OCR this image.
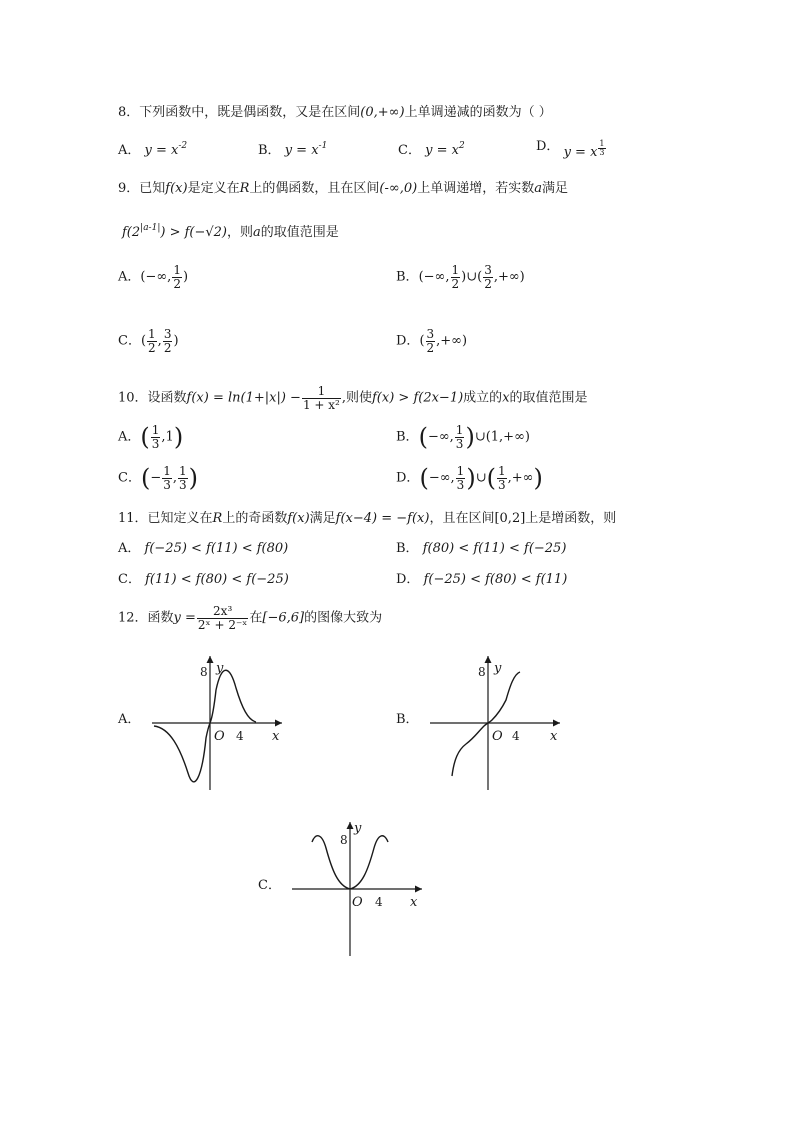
8．下列函数中，既是偶函数，又是在区间(0,+∞)上单调递减的函数为（ ）
A． $y = x^{-2}$	B． $y = x^{-1}$	C． $y = x^2$	D． y = x $\frac{1}{3}$
9．已知f(x)是定义在R上的偶函数，且在区间(-∞,0)上单调递增，若实数a满足
$f(2^{|a-1|}) > f(-√2)$，则a的取值范围是
A．(−∞, $\frac{1}{2}$ )	B．(−∞, $\frac{1}{2}$ )∪( $\frac{3}{2}$ ,+∞)
C．( $\frac{1}{2}$ , $\frac{3}{2}$ )	D．( $\frac{3}{2}$ ,+∞)
10．设函数$f(x) = \ln(1+|x|) - \frac{1}{\text{1 + x²}}$ ,则使f(x) > f(2x−1)成立的x的取值范围是
A．( $\frac{1}{3} ,1$)	B．(−∞, $\frac{1}{3}$ )∪(1,+∞)
C．(− $\frac{1}{3}$ , $\frac{1}{3}$ )	D．(−∞, $\frac{1}{3}$ )∪( $\frac{1}{3}$ ,+∞)
11．已知定义在R上的奇函数f(x)满足f(x−4) = −f(x)，且在区间[0,2]上是增函数，则
A． f(−25) < f(11) < f(80)	B． f(80) < f(11) < f(−25)
C． f(11) < f(80) < f(−25)	D． f(−25) < f(80) < f(11)
12．函数$y = \frac{\text{2x³}}{\text{2ˣ + 2⁻ˣ}}$ 在[−6,6]的图像大致为
A．
y
x
O
8
4
B．
y
x
O
8
4
C．
y
x
O
8
4
